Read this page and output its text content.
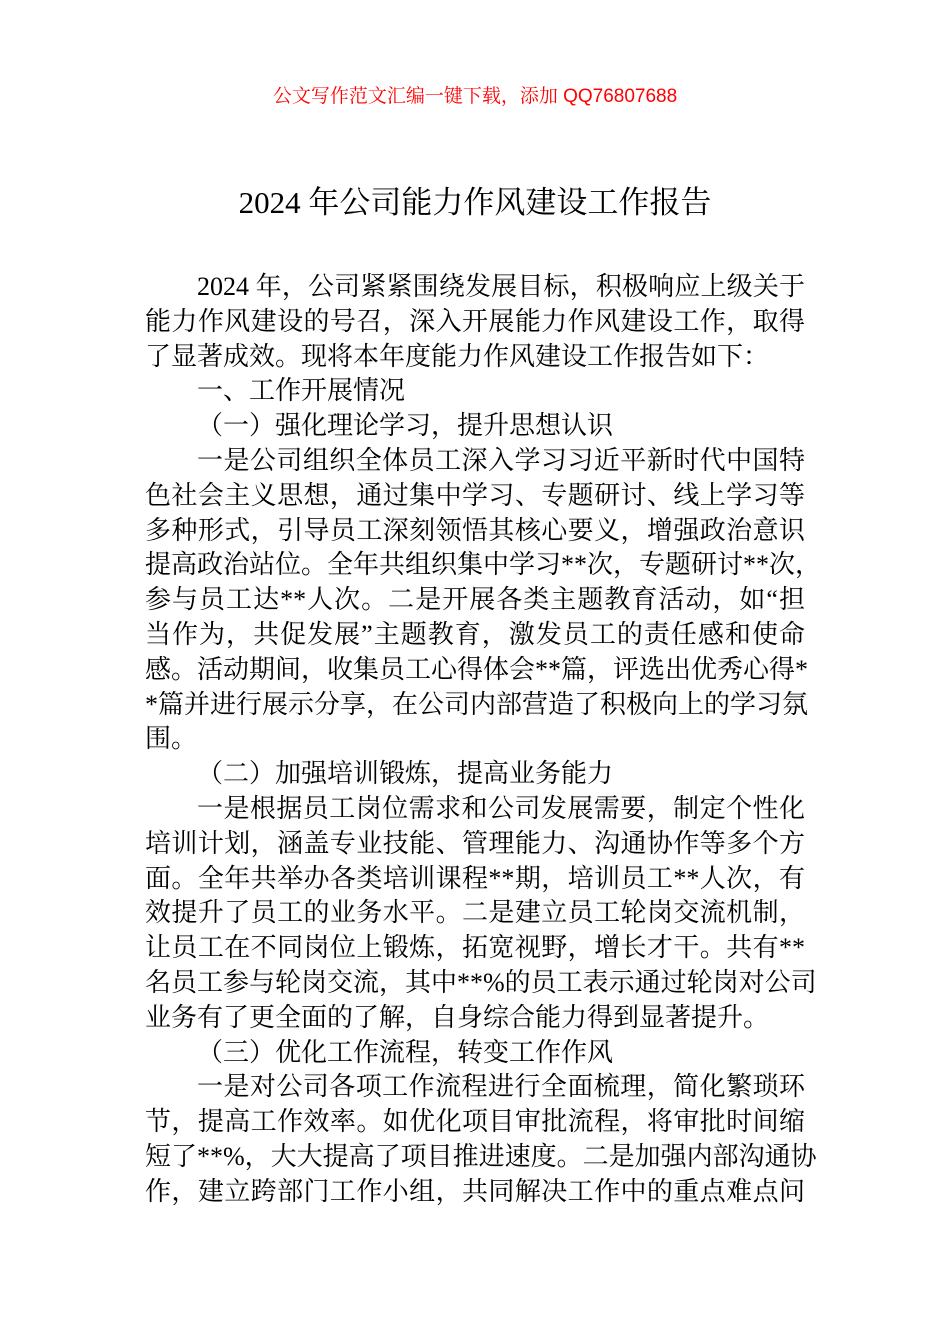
公文写作范文汇编一键下载，添加 QQ76807688
2024 年公司能力作风建设工作报告
2024 年，公司紧紧围绕发展目标，积极响应上级关于
能力作风建设的号召，深入开展能力作风建设工作，取得
了显著成效。现将本年度能力作风建设工作报告如下：
一、工作开展情况
（一）强化理论学习，提升思想认识
一是公司组织全体员工深入学习习近平新时代中国特
色社会主义思想，通过集中学习、专题研讨、线上学习等
多种形式，引导员工深刻领悟其核心要义，增强政治意识
提高政治站位。全年共组织集中学习**次，专题研讨**次，
参与员工达**人次。二是开展各类主题教育活动，如“担
当作为，共促发展”主题教育，激发员工的责任感和使命
感。活动期间，收集员工心得体会**篇，评选出优秀心得*
*篇并进行展示分享，在公司内部营造了积极向上的学习氛
围。
（二）加强培训锻炼，提高业务能力
一是根据员工岗位需求和公司发展需要，制定个性化
培训计划，涵盖专业技能、管理能力、沟通协作等多个方
面。全年共举办各类培训课程**期，培训员工**人次，有
效提升了员工的业务水平。二是建立员工轮岗交流机制，
让员工在不同岗位上锻炼，拓宽视野，增长才干。共有**
名员工参与轮岗交流，其中**%的员工表示通过轮岗对公司
业务有了更全面的了解，自身综合能力得到显著提升。
（三）优化工作流程，转变工作作风
一是对公司各项工作流程进行全面梳理，简化繁琐环
节，提高工作效率。如优化项目审批流程，将审批时间缩
短了**%，大大提高了项目推进速度。二是加强内部沟通协
作，建立跨部门工作小组，共同解决工作中的重点难点问
